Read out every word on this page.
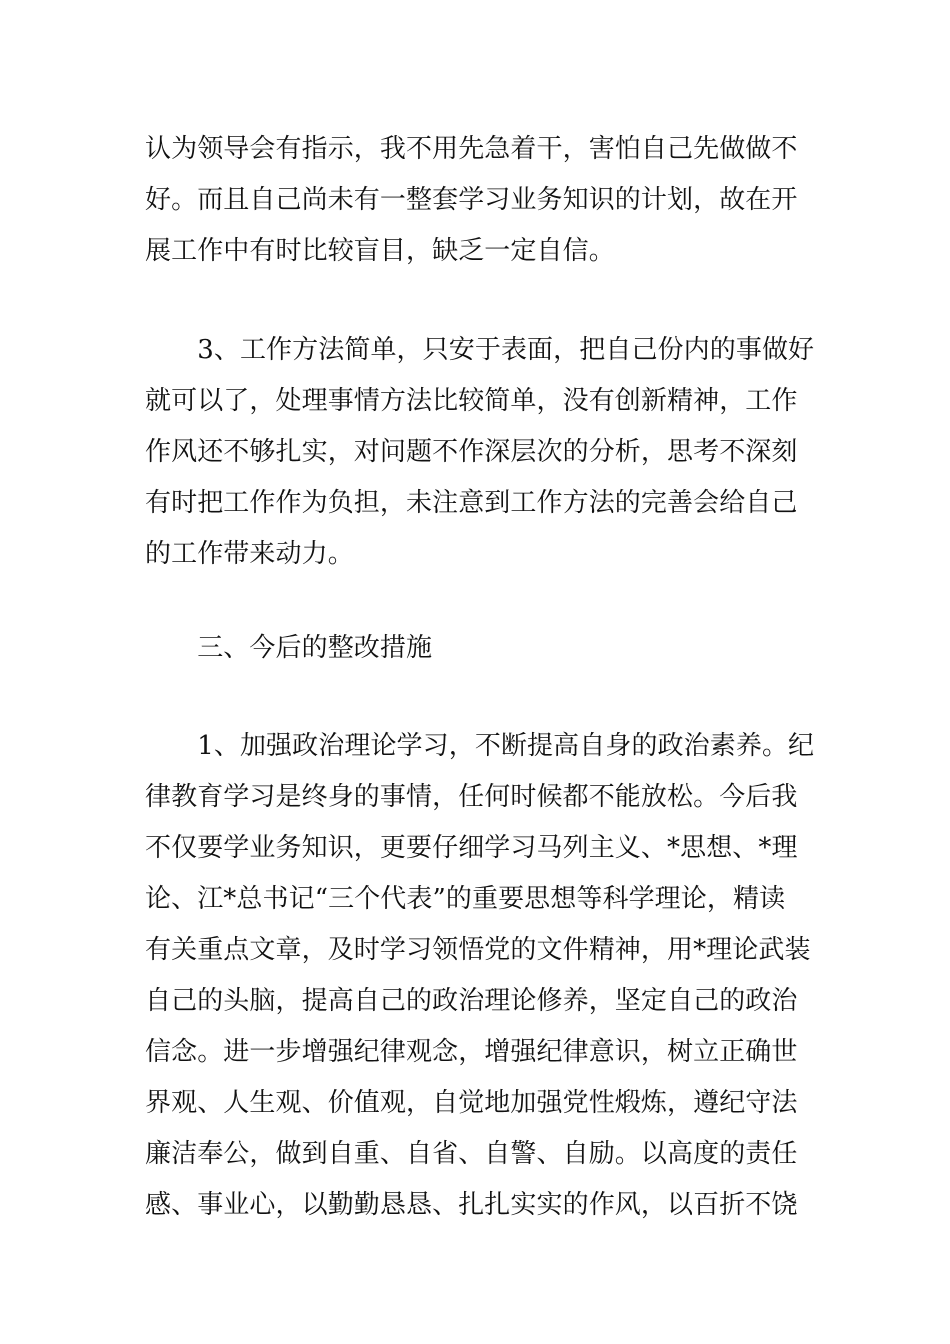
认为领导会有指示，我不用先急着干，害怕自己先做做不
好。而且自己尚未有一整套学习业务知识的计划，故在开
展工作中有时比较盲目，缺乏一定自信。
　　3、工作方法简单，只安于表面，把自己份内的事做好
就可以了，处理事情方法比较简单，没有创新精神，工作
作风还不够扎实，对问题不作深层次的分析，思考不深刻
有时把工作作为负担，未注意到工作方法的完善会给自己
的工作带来动力。
　　三、今后的整改措施
　　1、加强政治理论学习，不断提高自身的政治素养。纪
律教育学习是终身的事情，任何时候都不能放松。今后我
不仅要学业务知识，更要仔细学习马列主义、*思想、*理
论、江*总书记“三个代表”的重要思想等科学理论，精读
有关重点文章，及时学习领悟党的文件精神，用*理论武装
自己的头脑，提高自己的政治理论修养，坚定自己的政治
信念。进一步增强纪律观念，增强纪律意识，树立正确世
界观、人生观、价值观，自觉地加强党性煅炼，遵纪守法
廉洁奉公，做到自重、自省、自警、自励。以高度的责任
感、事业心，以勤勤恳恳、扎扎实实的作风，以百折不饶
